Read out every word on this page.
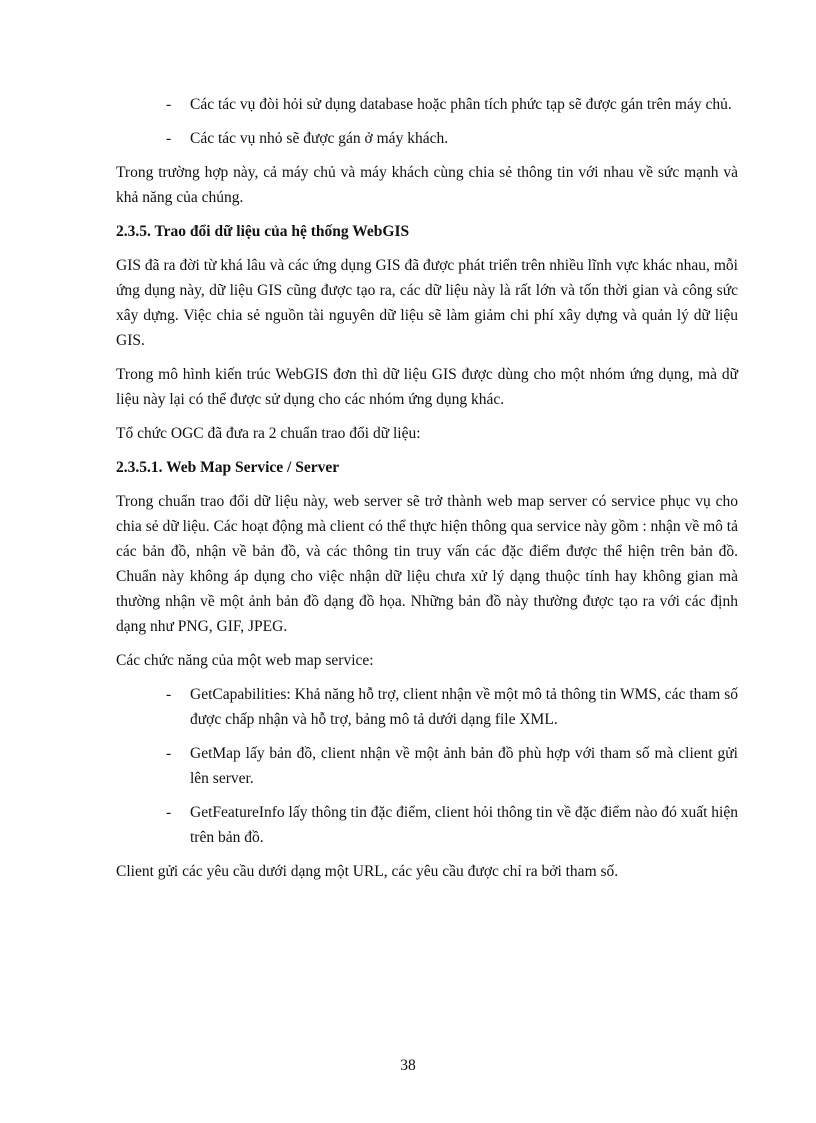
- Các tác vụ đòi hỏi sử dụng database hoặc phân tích phức tạp sẽ được gán trên máy chủ.
- Các tác vụ nhỏ sẽ được gán ở máy khách.

Trong trường hợp này, cả máy chủ và máy khách cùng chia sẻ thông tin với nhau về sức mạnh và khả năng của chúng.

2.3.5. Trao đổi dữ liệu của hệ thống WebGIS

GIS đã ra đời từ khá lâu và các ứng dụng GIS đã được phát triển trên nhiều lĩnh vực khác nhau, mỗi ứng dụng này, dữ liệu GIS cũng được tạo ra, các dữ liệu này là rất lớn và tốn thời gian và công sức xây dựng. Việc chia sẻ nguồn tài nguyên dữ liệu sẽ làm giảm chi phí xây dựng và quản lý dữ liệu GIS.

Trong mô hình kiến trúc WebGIS đơn thì dữ liệu GIS được dùng cho một nhóm ứng dụng, mà dữ liệu này lại có thể được sử dụng cho các nhóm ứng dụng khác.

Tổ chức OGC đã đưa ra 2 chuẩn trao đổi dữ liệu:

2.3.5.1. Web Map Service / Server

Trong chuẩn trao đổi dữ liệu này, web server sẽ trở thành web map server có service phục vụ cho chia sẻ dữ liệu. Các hoạt động mà client có thể thực hiện thông qua service này gồm : nhận về mô tả các bản đồ, nhận về bản đồ, và các thông tin truy vấn các đặc điểm được thể hiện trên bản đồ. Chuẩn này không áp dụng cho việc nhận dữ liệu chưa xử lý dạng thuộc tính hay không gian mà thường nhận về một ảnh bản đồ dạng đồ họa. Những bản đồ này thường được tạo ra với các định dạng như PNG, GIF, JPEG.

Các chức năng của một web map service:

- GetCapabilities: Khả năng hỗ trợ, client nhận về một mô tả thông tin WMS, các tham số được chấp nhận và hỗ trợ, bảng mô tả dưới dạng file XML.
- GetMap lấy bản đồ, client nhận về một ảnh bản đồ phù hợp với tham số mà client gửi lên server.
- GetFeatureInfo lấy thông tin đặc điểm, client hỏi thông tin về đặc điểm nào đó xuất hiện trên bản đồ.

Client gửi các yêu cầu dưới dạng một URL, các yêu cầu được chỉ ra bởi tham số.

38
